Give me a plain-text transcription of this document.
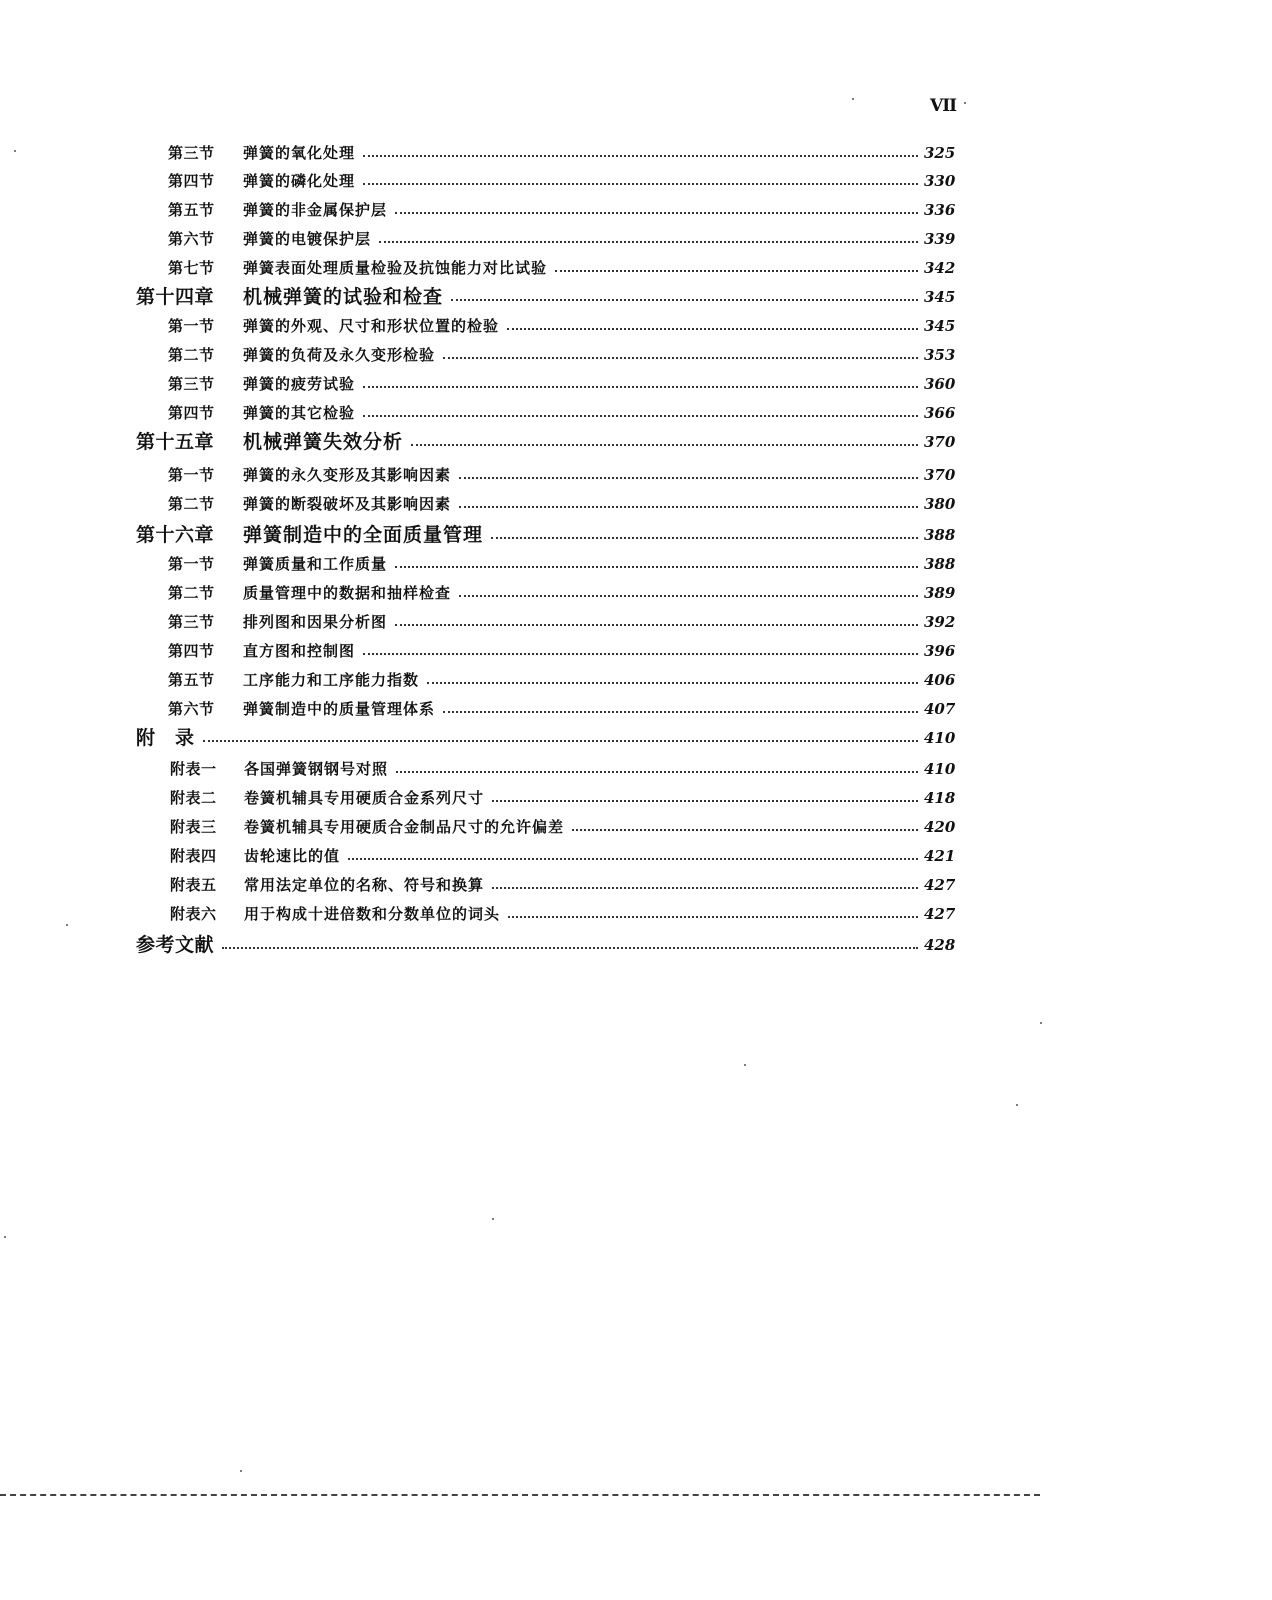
VII
第三节 弹簧的氧化处理	325
第四节 弹簧的磷化处理	330
第五节 弹簧的非金属保护层	336
第六节 弹簧的电镀保护层	339
第七节 弹簧表面处理质量检验及抗蚀能力对比试验	342
第十四章 机械弹簧的试验和检查	345
第一节 弹簧的外观、尺寸和形状位置的检验	345
第二节 弹簧的负荷及永久变形检验	353
第三节 弹簧的疲劳试验	360
第四节 弹簧的其它检验	366
第十五章 机械弹簧失效分析	370
第一节 弹簧的永久变形及其影响因素	370
第二节 弹簧的断裂破坏及其影响因素	380
第十六章 弹簧制造中的全面质量管理	388
第一节 弹簧质量和工作质量	388
第二节 质量管理中的数据和抽样检查	389
第三节 排列图和因果分析图	392
第四节 直方图和控制图	396
第五节 工序能力和工序能力指数	406
第六节 弹簧制造中的质量管理体系	407
附　录	410
附表一 各国弹簧钢钢号对照	410
附表二 卷簧机辅具专用硬质合金系列尺寸	418
附表三 卷簧机辅具专用硬质合金制品尺寸的允许偏差	420
附表四 齿轮速比的值	421
附表五 常用法定单位的名称、符号和换算	427
附表六 用于构成十进倍数和分数单位的词头	427
参考文献	428
